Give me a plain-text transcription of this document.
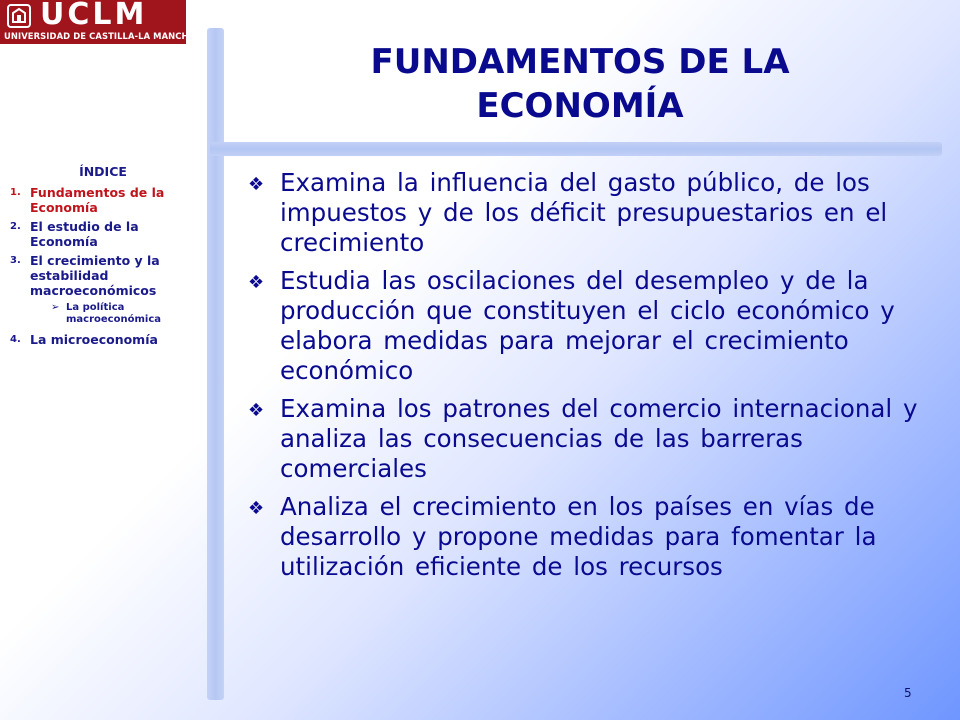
UCLM
UNIVERSIDAD DE CASTILLA-LA MANCHA
FUNDAMENTOS DE LA
ECONOMÍA
ÍNDICE
1. Fundamentos de la Economía
2. El estudio de la Economía
3. El crecimiento y la estabilidad macroeconómicos
➢ La política macroeconómica
4. La microeconomía
❖ Examina la influencia del gasto público, de los impuestos y de los déficit presupuestarios en el crecimiento
❖ Estudia las oscilaciones del desempleo y de la producción que constituyen el ciclo económico y elabora medidas para mejorar el crecimiento económico
❖ Examina los patrones del comercio internacional y analiza las consecuencias de las barreras comerciales
❖ Analiza el crecimiento en los países en vías de desarrollo y propone medidas para fomentar la utilización eficiente de los recursos
5
